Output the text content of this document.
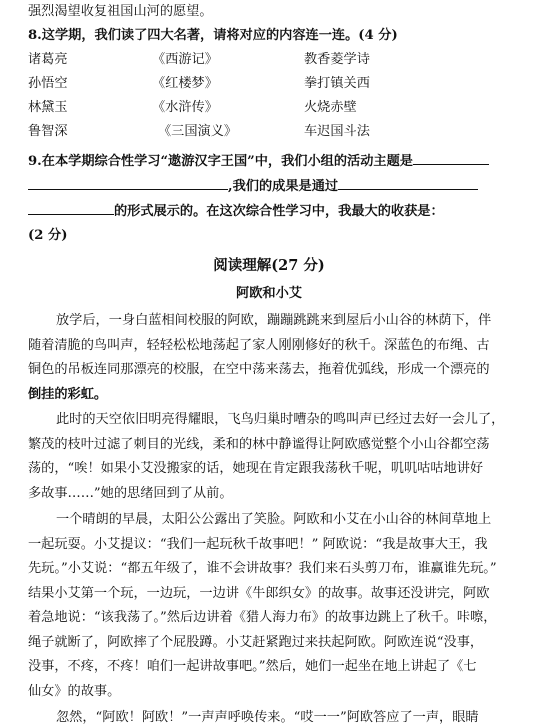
强烈渴望收复祖国山河的愿望。
8.这学期，我们读了四大名著，请将对应的内容连一连。(4 分)
诸葛亮	《西游记》	教香菱学诗
孙悟空	《红楼梦》	拳打镇关西
林黛玉	《水浒传》	火烧赤壁
鲁智深	《三国演义》	车迟国斗法
9.在本学期综合性学习“遨游汉字王国”中，我们小组的活动主题是
,我们的成果是通过
的形式展示的。在这次综合性学习中，我最大的收获是：
(2 分)
阅读理解(27 分)
阿欧和小艾
放学后，一身白蓝相间校服的阿欧，蹦蹦跳跳来到屋后小山谷的林荫下，伴
随着清脆的鸟叫声，轻轻松松地荡起了家人刚刚修好的秋千。深蓝色的布绳、古
铜色的吊板连同那漂亮的校服，在空中荡来荡去，拖着优弧线，形成一个漂亮的
倒挂的彩虹。
此时的天空依旧明亮得耀眼，飞鸟归巢时嘈杂的鸣叫声已经过去好一会儿了，
繁茂的枝叶过滤了刺目的光线，柔和的林中静谧得让阿欧感觉整个小山谷都空荡
荡的，“唉！如果小艾没搬家的话，她现在肯定跟我荡秋千呢，叽叽咕咕地讲好
多故事……”她的思绪回到了从前。
一个晴朗的早晨，太阳公公露出了笑脸。阿欧和小艾在小山谷的林间草地上
一起玩耍。小艾提议：“我们一起玩秋千故事吧！” 阿欧说：“我是故事大王，我
先玩。”小艾说：“都五年级了，谁不会讲故事？我们来石头剪刀布，谁赢谁先玩。”
结果小艾第一个玩，一边玩，一边讲《牛郎织女》的故事。故事还没讲完，阿欧
着急地说：“该我荡了。”然后边讲着《猎人海力布》的故事边跳上了秋千。咔嚓，
绳子就断了，阿欧摔了个屁股蹲。小艾赶紧跑过来扶起阿欧。阿欧连说“没事，
没事，不疼，不疼！咱们一起讲故事吧。”然后，她们一起坐在地上讲起了《七
仙女》的故事。
忽然，“阿欧！阿欧！”一声声呼唤传来。“哎一一”阿欧答应了一声，眼睛
